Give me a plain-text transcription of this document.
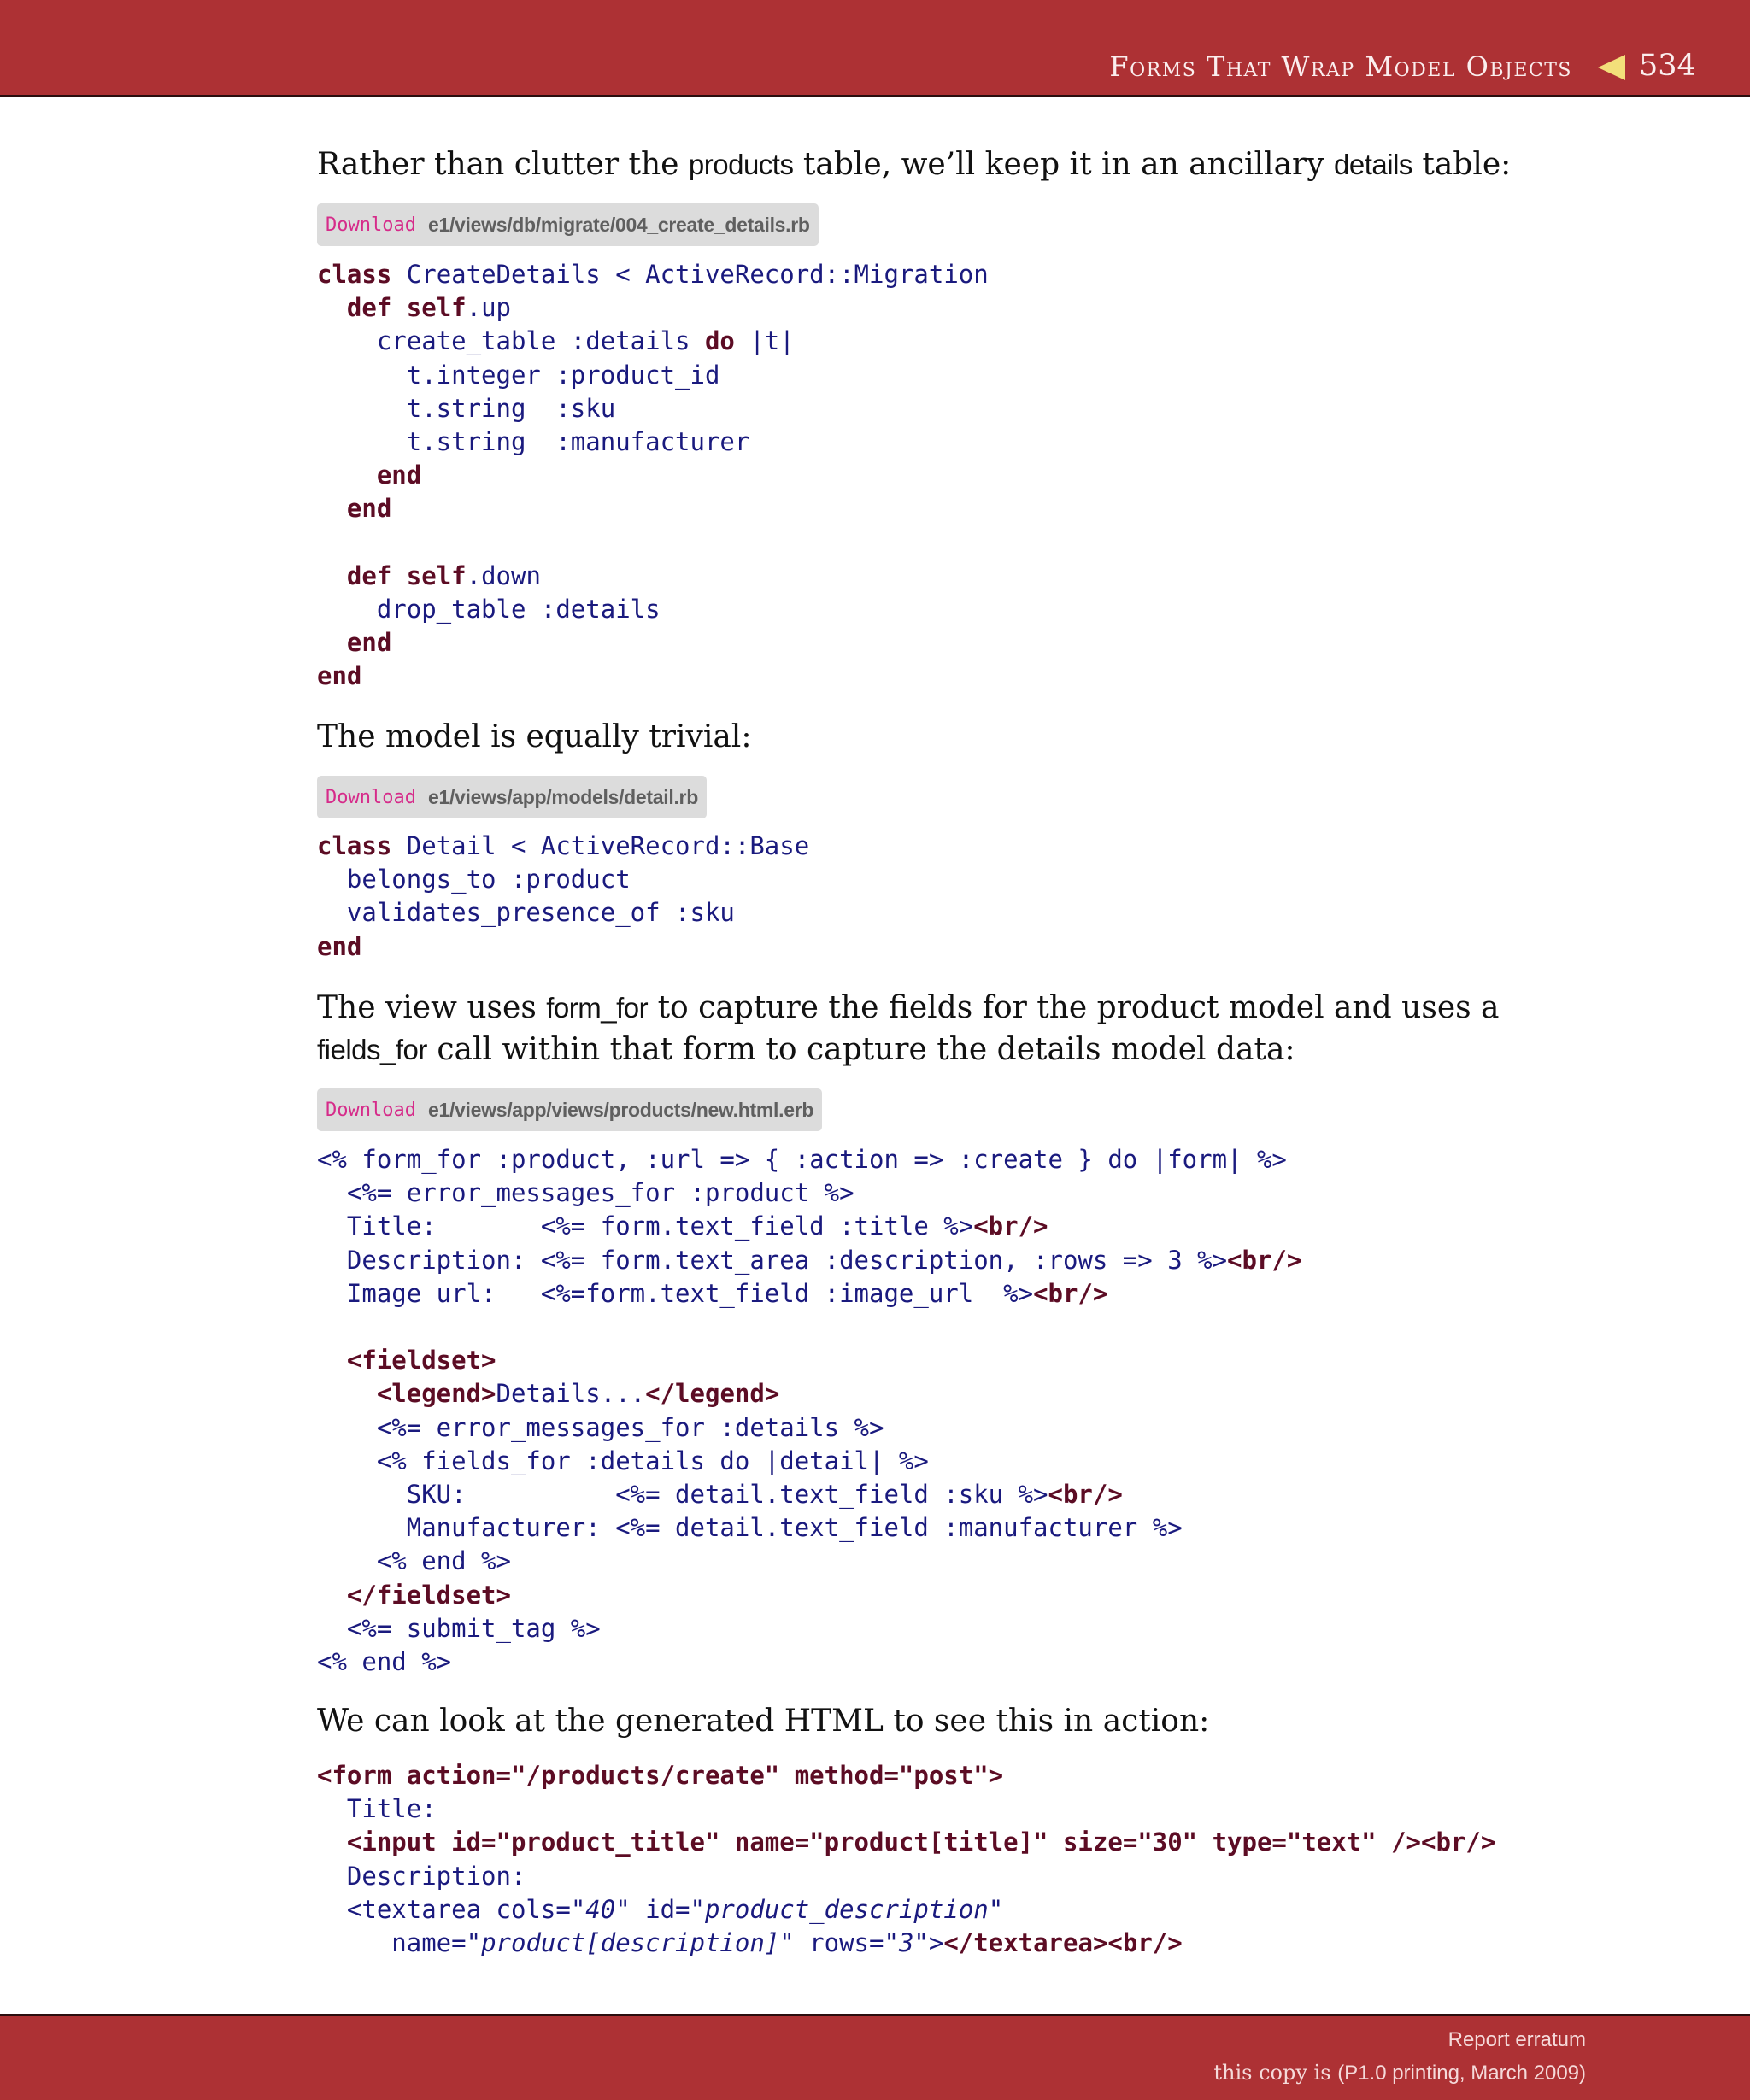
Forms That Wrap Model Objects 534
Rather than clutter the products table, we’ll keep it in an ancillary details table:
Download e1/views/db/migrate/004_create_details.rb
class CreateDetails < ActiveRecord::Migration
def self.up
create_table :details do |t|
t.integer :product_id
t.string  :sku
t.string  :manufacturer
end
end

def self.down
drop_table :details
end
end
The model is equally trivial:
Download e1/views/app/models/detail.rb
class Detail < ActiveRecord::Base
belongs_to :product
validates_presence_of :sku
end
The view uses form_for to capture the fields for the product model and uses a
fields_for call within that form to capture the details model data:
Download e1/views/app/views/products/new.html.erb
<% form_for :product, :url => { :action => :create } do |form| %>
<%= error_messages_for :product %>
Title:       <%= form.text_field :title %><br/>
Description: <%= form.text_area :description, :rows => 3 %><br/>
Image url:   <%=form.text_field :image_url  %><br/>

<fieldset>
<legend>Details...</legend>
<%= error_messages_for :details %>
<% fields_for :details do |detail| %>
SKU:          <%= detail.text_field :sku %><br/>
Manufacturer: <%= detail.text_field :manufacturer %>
<% end %>
</fieldset>
<%= submit_tag %>
<% end %>
We can look at the generated HTML to see this in action:
<form action="/products/create" method="post">
Title:
<input id="product_title" name="product[title]" size="30" type="text" /><br/>
Description:
<textarea cols="40" id="product_description"
name="product[description]" rows="3"></textarea><br/>
Report erratum
this copy is (P1.0 printing, March 2009)
